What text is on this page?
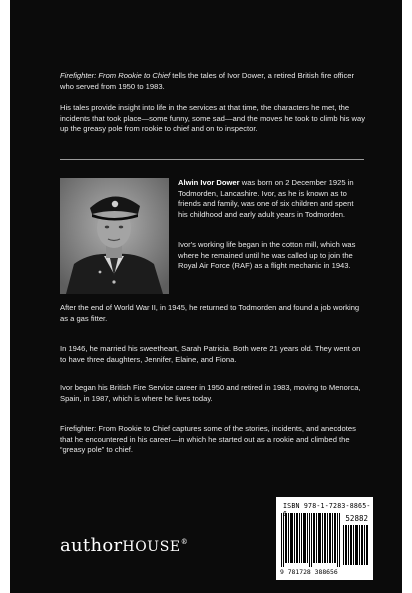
Firefighter: From Rookie to Chief tells the tales of Ivor Dower, a retired British fire officer who served from 1950 to 1983.

His tales provide insight into life in the services at that time, the characters he met, the incidents that took place—some funny, some sad—and the moves he took to climb his way up the greasy pole from rookie to chief and on to inspector.

Alwin Ivor Dower was born on 2 December 1925 in Todmorden, Lancashire. Ivor, as he is known as to friends and family, was one of six children and spent his childhood and early adult years in Todmorden.

Ivor's working life began in the cotton mill, which was where he remained until he was called up to join the Royal Air Force (RAF) as a flight mechanic in 1943.

After the end of World War II, in 1945, he returned to Todmorden and found a job working as a gas fitter.

In 1946, he married his sweetheart, Sarah Patricia. Both were 21 years old. They went on to have three daughters, Jennifer, Elaine, and Fiona.

Ivor began his British Fire Service career in 1950 and retired in 1983, moving to Menorca, Spain, in 1987, which is where he lives today.

Firefighter: From Rookie to Chief captures some of the stories, incidents, and anecdotes that he encountered in his career—in which he started out as a rookie and climbed the “greasy pole” to chief.

authorHOUSE®
ISBN 978-1-7283-8865-
52882
9 781728 388656
